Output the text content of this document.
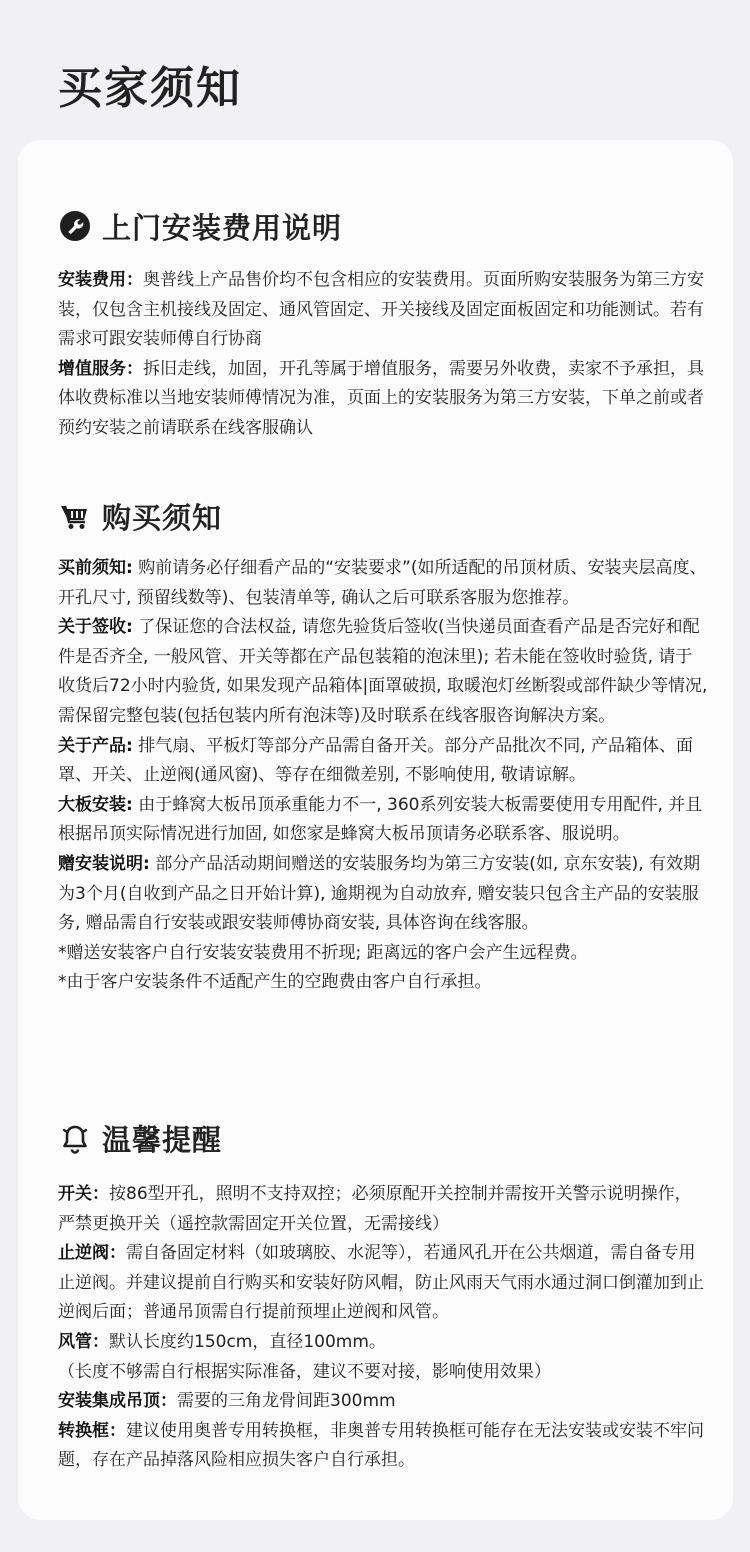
买家须知
上门安装费用说明

安装费用：奥普线上产品售价均不包含相应的安装费用。页面所购安装服务为第三方安装，仅包含主机接线及固定、通风管固定、开关接线及固定面板固定和功能测试。若有需求可跟安装师傅自行协商

增值服务：拆旧走线，加固，开孔等属于增值服务，需要另外收费，卖家不予承担，具体收费标准以当地安装师傅情况为准，页面上的安装服务为第三方安装，下单之前或者预约安装之前请联系在线客服确认

购买须知

买前须知: 购前请务必仔细看产品的“安装要求”(如所适配的吊顶材质、安装夹层高度、开孔尺寸, 预留线数等)、包装清单等, 确认之后可联系客服为您推荐。

关于签收: 了保证您的合法权益, 请您先验货后签收(当快递员面查看产品是否完好和配件是否齐全, 一般风管、开关等都在产品包装箱的泡沫里); 若未能在签收时验货, 请于收货后72小时内验货, 如果发现产品箱体|面罩破损, 取暖泡灯丝断裂或部件缺少等情况, 需保留完整包装(包括包装内所有泡沫等)及时联系在线客服咨询解决方案。

关于产品: 排气扇、平板灯等部分产品需自备开关。部分产品批次不同, 产品箱体、面罩、开关、止逆阀(通风窗)、等存在细微差别, 不影响使用, 敬请谅解。

大板安装: 由于蜂窝大板吊顶承重能力不一, 360系列安装大板需要使用专用配件, 并且根据吊顶实际情况进行加固, 如您家是蜂窝大板吊顶请务必联系客、服说明。

赠安装说明: 部分产品活动期间赠送的安装服务均为第三方安装(如, 京东安装), 有效期为3个月(自收到产品之日开始计算), 逾期视为自动放弃, 赠安装只包含主产品的安装服务, 赠品需自行安装或跟安装师傅协商安装, 具体咨询在线客服。

*赠送安装客户自行安装安装费用不折现; 距离远的客户会产生远程费。

*由于客户安装条件不适配产生的空跑费由客户自行承担。

温馨提醒

开关：按86型开孔，照明不支持双控；必须原配开关控制并需按开关警示说明操作，严禁更换开关（遥控款需固定开关位置，无需接线）

止逆阀：需自备固定材料（如玻璃胶、水泥等），若通风孔开在公共烟道，需自备专用止逆阀。并建议提前自行购买和安装好防风帽，防止风雨天气雨水通过洞口倒灌加到止逆阀后面；普通吊顶需自行提前预埋止逆阀和风管。

风管：默认长度约150cm，直径100mm。

（长度不够需自行根据实际准备，建议不要对接，影响使用效果）

安装集成吊顶：需要的三角龙骨间距300mm

转换框：建议使用奥普专用转换框，非奥普专用转换框可能存在无法安装或安装不牢问题，存在产品掉落风险相应损失客户自行承担。
